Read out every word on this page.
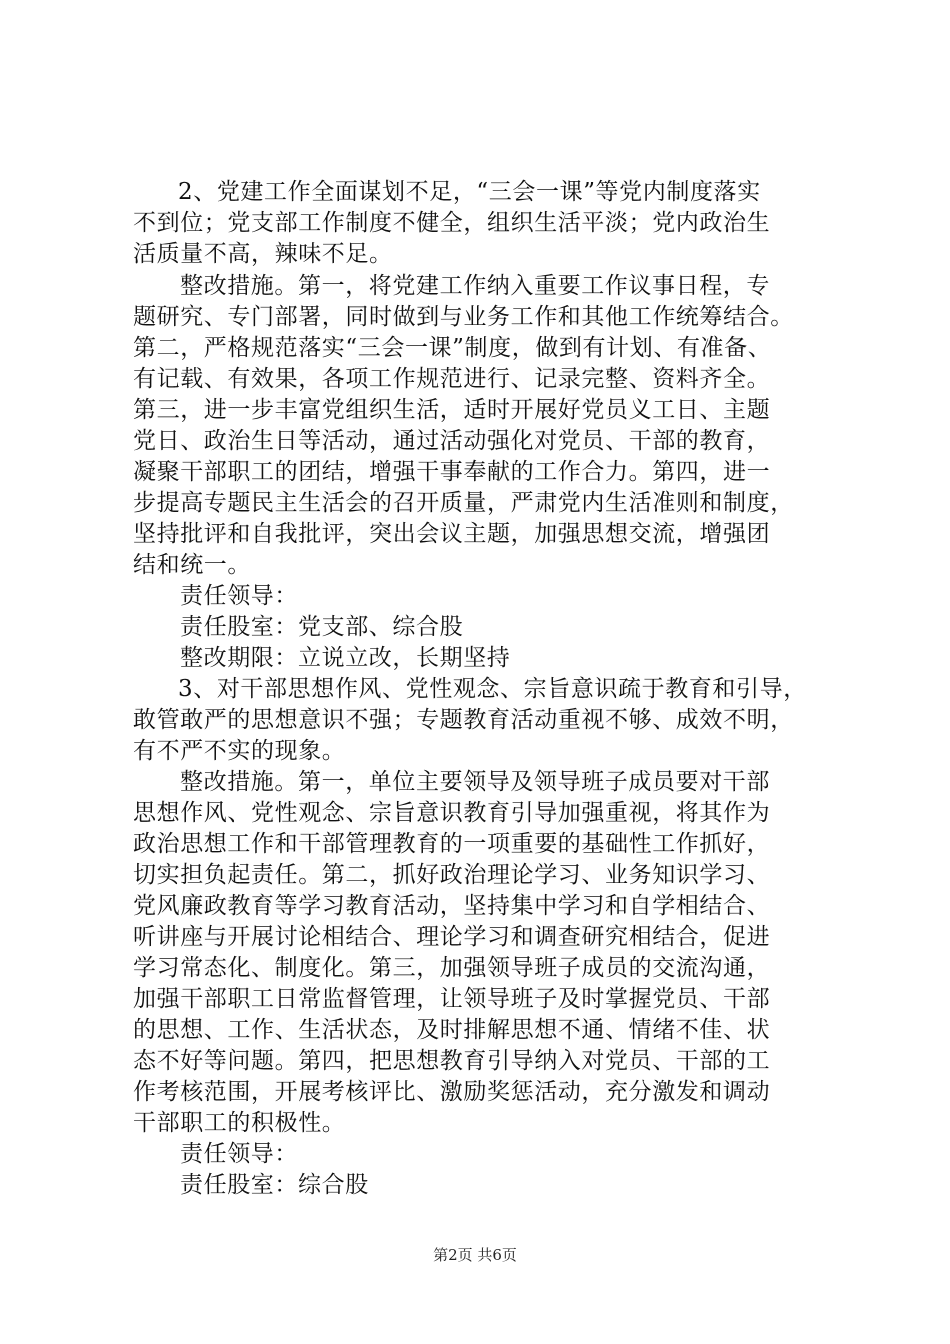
2、党建工作全面谋划不足，“三会一课”等党内制度落实
不到位；党支部工作制度不健全，组织生活平淡；党内政治生
活质量不高，辣味不足。
整改措施。第一，将党建工作纳入重要工作议事日程，专
题研究、专门部署，同时做到与业务工作和其他工作统筹结合。
第二，严格规范落实“三会一课”制度，做到有计划、有准备、
有记载、有效果，各项工作规范进行、记录完整、资料齐全。
第三，进一步丰富党组织生活，适时开展好党员义工日、主题
党日、政治生日等活动，通过活动强化对党员、干部的教育，
凝聚干部职工的团结，增强干事奉献的工作合力。第四，进一
步提高专题民主生活会的召开质量，严肃党内生活准则和制度，
坚持批评和自我批评，突出会议主题，加强思想交流，增强团
结和统一。
责任领导：
责任股室：党支部、综合股
整改期限：立说立改，长期坚持
3、对干部思想作风、党性观念、宗旨意识疏于教育和引导，
敢管敢严的思想意识不强；专题教育活动重视不够、成效不明，
有不严不实的现象。
整改措施。第一，单位主要领导及领导班子成员要对干部
思想作风、党性观念、宗旨意识教育引导加强重视，将其作为
政治思想工作和干部管理教育的一项重要的基础性工作抓好，
切实担负起责任。第二，抓好政治理论学习、业务知识学习、
党风廉政教育等学习教育活动，坚持集中学习和自学相结合、
听讲座与开展讨论相结合、理论学习和调查研究相结合，促进
学习常态化、制度化。第三，加强领导班子成员的交流沟通，
加强干部职工日常监督管理，让领导班子及时掌握党员、干部
的思想、工作、生活状态，及时排解思想不通、情绪不佳、状
态不好等问题。第四，把思想教育引导纳入对党员、干部的工
作考核范围，开展考核评比、激励奖惩活动，充分激发和调动
干部职工的积极性。
责任领导：
责任股室：综合股
第2页 共6页
